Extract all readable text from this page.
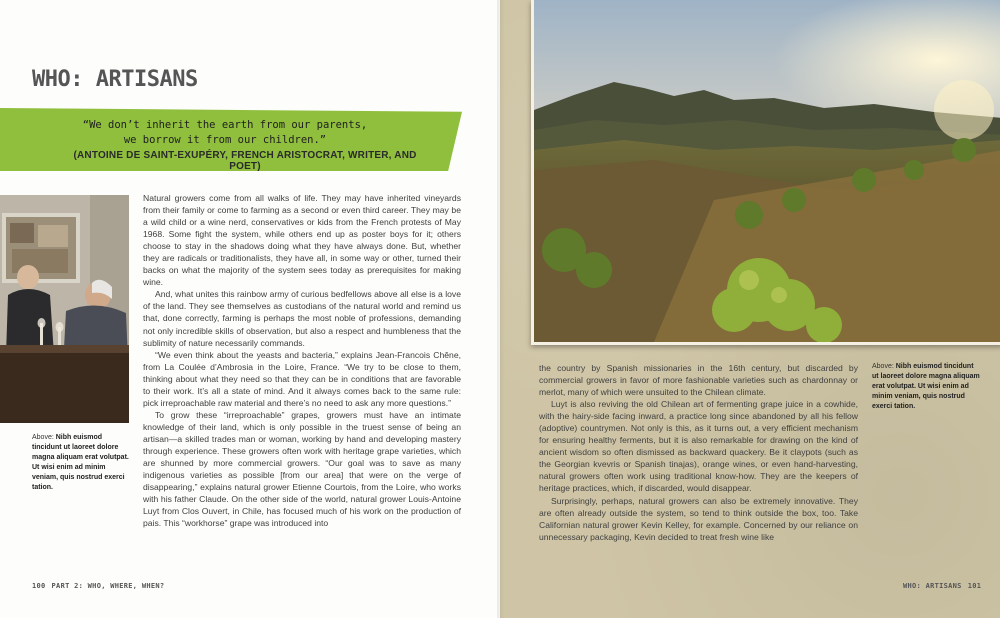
WHO: ARTISANS
“We don’t inherit the earth from our parents,
we borrow it from our children.”
(ANTOINE DE SAINT-EXUPÉRY, FRENCH ARISTOCRAT, WRITER, AND POET)
Above: Nibh euismod tincidunt ut laoreet dolore magna aliquam erat volutpat. Ut wisi enim ad minim veniam, quis nostrud exerci tation.

Natural growers come from all walks of life. They may have inherited vineyards from their family or come to farming as a second or even third career. They may be a wild child or a wine nerd, conservatives or kids from the French protests of May 1968. Some fight the system, while others end up as poster boys for it; others choose to stay in the shadows doing what they have always done. But, whether they are radicals or traditionalists, they have all, in some way or other, turned their backs on what the majority of the system sees today as prerequisites for making wine.

And, what unites this rainbow army of curious bedfellows above all else is a love of the land. They see themselves as custodians of the natural world and remind us that, done correctly, farming is perhaps the most noble of professions, demanding not only incredible skills of observation, but also a respect and humbleness that the sublimity of nature necessarily commands.

“We even think about the yeasts and bacteria,” explains Jean-Francois Chêne, from La Coulée d’Ambrosia in the Loire, France. “We try to be close to them, thinking about what they need so that they can be in conditions that are favorable to their work. It’s all a state of mind. And it always comes back to the same rule: pick irreproachable raw material and there’s no need to ask any more questions.”

To grow these “irreproachable” grapes, growers must have an intimate knowledge of their land, which is only possible in the truest sense of being an artisan—a skilled trades man or woman, working by hand and developing mastery through experience. These growers often work with heritage grape varieties, which are shunned by more commercial growers. “Our goal was to save as many indigenous varieties as possible [from our area] that were on the verge of disappearing,” explains natural grower Etienne Courtois, from the Loire, who works with his father Claude. On the other side of the world, natural grower Louis-Antoine Luyt from Clos Ouvert, in Chile, has focused much of his work on the production of pais. This “workhorse” grape was introduced into

100 PART 2: WHO, WHERE, WHEN?
Above: Nibh euismod tincidunt ut laoreet dolore magna aliquam erat volutpat. Ut wisi enim ad minim veniam, quis nostrud exerci tation.

the country by Spanish missionaries in the 16th century, but discarded by commercial growers in favor of more fashionable varieties such as chardonnay or merlot, many of which were unsuited to the Chilean climate.

Luyt is also reviving the old Chilean art of fermenting grape juice in a cowhide, with the hairy-side facing inward, a practice long since abandoned by all his fellow (adoptive) countrymen. Not only is this, as it turns out, a very efficient mechanism for ensuring healthy ferments, but it is also remarkable for drawing on the kind of ancient wisdom so often dismissed as backward quackery. Be it claypots (such as the Georgian kvevris or Spanish tinajas), orange wines, or even hand-harvesting, natural growers often work using traditional know-how. They are the keepers of heritage practices, which, if discarded, would disappear.

Surprisingly, perhaps, natural growers can also be extremely innovative. They are often already outside the system, so tend to think outside the box, too. Take Californian natural grower Kevin Kelley, for example. Concerned by our reliance on unnecessary packaging, Kevin decided to treat fresh wine like

WHO: ARTISANS 101
